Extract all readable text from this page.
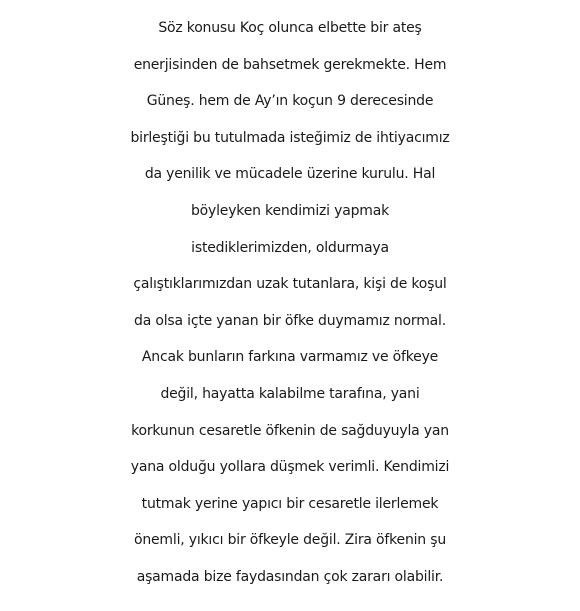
Söz konusu Koç olunca elbette bir ateş
enerjisinden de bahsetmek gerekmekte. Hem
Güneş. hem de Ay’ın koçun 9 derecesinde
birleştiği bu tutulmada isteğimiz de ihtiyacımız
da yenilik ve mücadele üzerine kurulu. Hal
böyleyken kendimizi yapmak
istediklerimizden, oldurmaya
çalıştıklarımızdan uzak tutanlara, kişi de koşul
da olsa içte yanan bir öfke duymamız normal.
Ancak bunların farkına varmamız ve öfkeye
değil, hayatta kalabilme tarafına, yani
korkunun cesaretle öfkenin de sağduyuyla yan
yana olduğu yollara düşmek verimli. Kendimizi
tutmak yerine yapıcı bir cesaretle ilerlemek
önemli, yıkıcı bir öfkeyle değil. Zira öfkenin şu
aşamada bize faydasından çok zararı olabilir.
